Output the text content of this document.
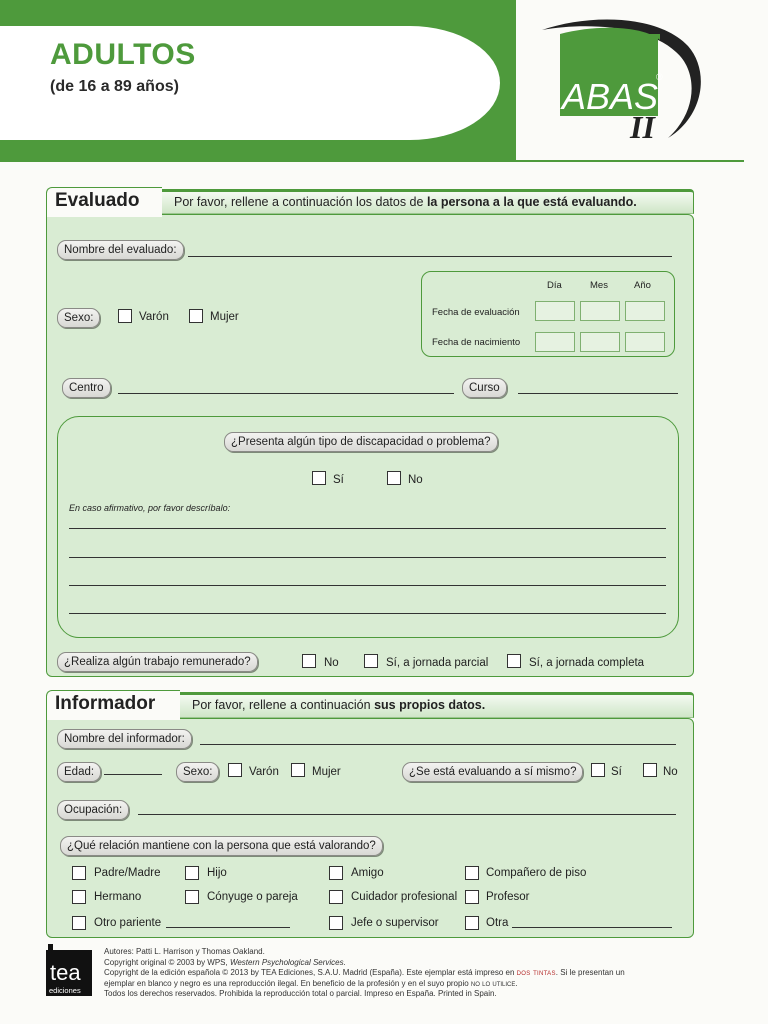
ADULTOS
(de 16 a 89 años)	ABAS
®
II
Evaluado	Por favor, rellene a continuación los datos de la persona a la que está evaluando.
Nombre del evaluado:
Sexo:	Varón	Mujer
Día	Mes	Año
Fecha de evaluación
Fecha de nacimiento
Centro	Curso
¿Presenta algún tipo de discapacidad o problema?
Sí	No
En caso afirmativo, por favor descríbalo:
¿Realiza algún trabajo remunerado?	No	Sí, a jornada parcial	Sí, a jornada completa
Informador	Por favor, rellene a continuación sus propios datos.
Nombre del informador:
Edad:	Sexo:	Varón	Mujer	¿Se está evaluando a sí mismo?	Sí	No
Ocupación:
¿Qué relación mantiene con la persona que está valorando?
Padre/Madre	Hijo	Amigo	Compañero de piso
Hermano	Cónyuge o pareja	Cuidador profesional	Profesor
Otro pariente	Jefe o supervisor	Otra
tea
ediciones
Autores: Patti L. Harrison y Thomas Oakland.
Copyright original © 2003 by WPS, Western Psychological Services.
Copyright de la edición española © 2013 by TEA Ediciones, S.A.U. Madrid (España). Este ejemplar está impreso en dos tintas. Si le presentan un
ejemplar en blanco y negro es una reproducción ilegal. En beneficio de la profesión y en el suyo propio no lo utilice.
Todos los derechos reservados. Prohibida la reproducción total o parcial. Impreso en España. Printed in Spain.
